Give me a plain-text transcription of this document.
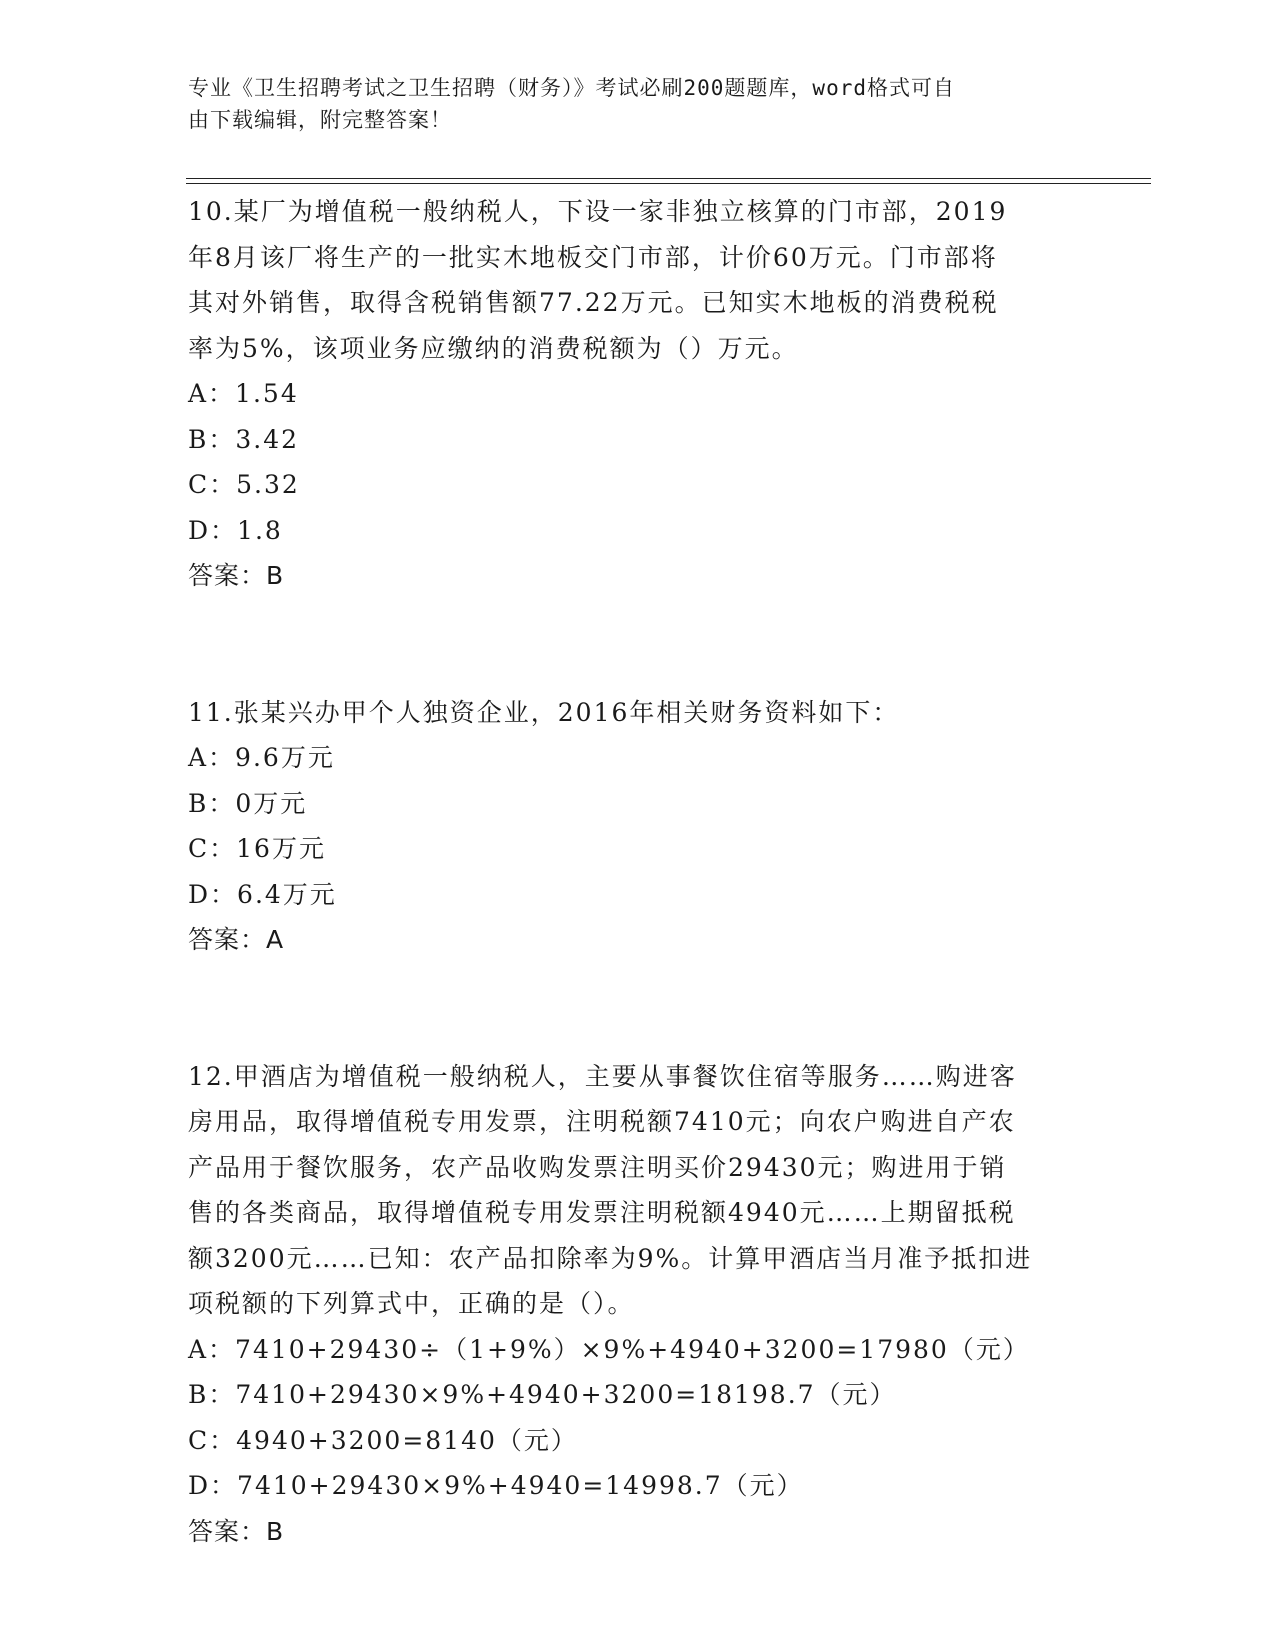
专业《卫生招聘考试之卫生招聘（财务）》考试必刷200题题库，word格式可自
由下载编辑，附完整答案！

10.某厂为增值税一般纳税人，下设一家非独立核算的门市部，2019

年8月该厂将生产的一批实木地板交门市部，计价60万元。门市部将

其对外销售，取得含税销售额77.22万元。已知实木地板的消费税税

率为5%，该项业务应缴纳的消费税额为（）万元。

A：1.54

B：3.42

C：5.32

D：1.8

答案：B

11.张某兴办甲个人独资企业，2016年相关财务资料如下：

A：9.6万元

B：0万元

C：16万元

D：6.4万元

答案：A

12.甲酒店为增值税一般纳税人，主要从事餐饮住宿等服务……购进客

房用品，取得增值税专用发票，注明税额7410元；向农户购进自产农

产品用于餐饮服务，农产品收购发票注明买价29430元；购进用于销

售的各类商品，取得增值税专用发票注明税额4940元……上期留抵税

额3200元……已知：农产品扣除率为9%。计算甲酒店当月准予抵扣进

项税额的下列算式中，正确的是（）。

A：7410+29430÷（1+9%）×9%+4940+3200=17980（元）

B：7410+29430×9%+4940+3200=18198.7（元）

C：4940+3200=8140（元）

D：7410+29430×9%+4940=14998.7（元）

答案：B
